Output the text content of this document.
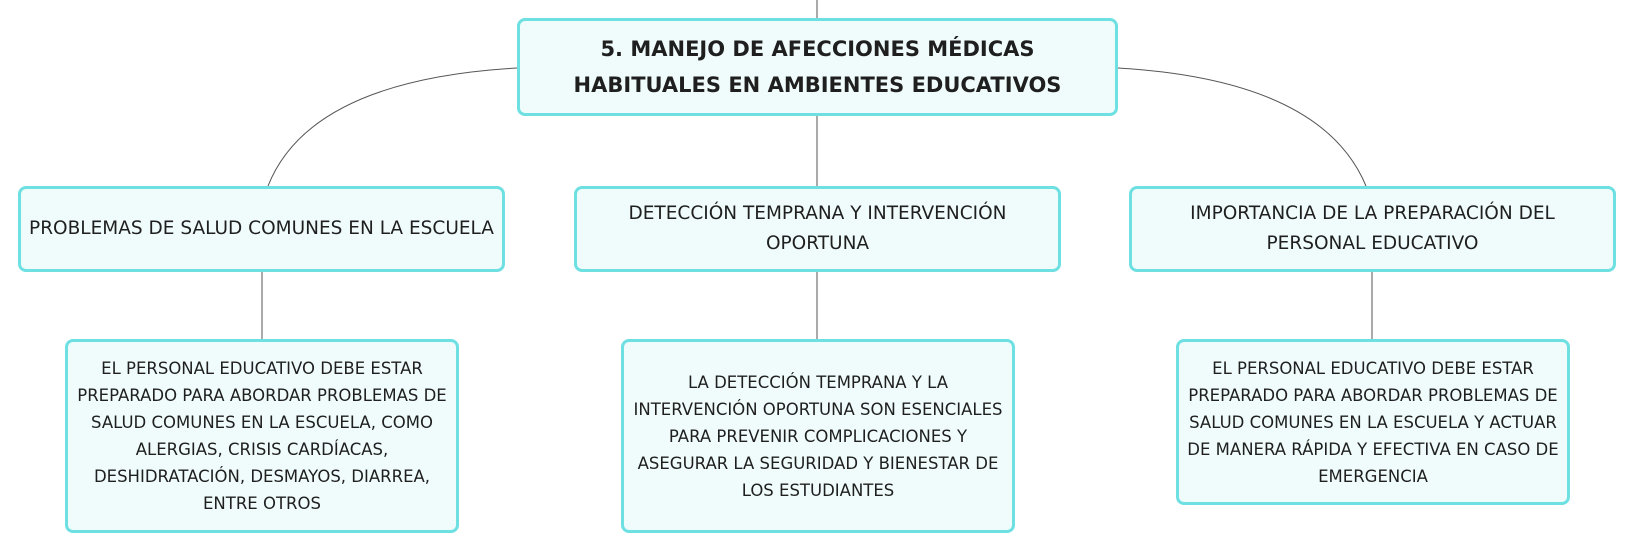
5. MANEJO DE AFECCIONES MÉDICAS HABITUALES EN AMBIENTES EDUCATIVOS
PROBLEMAS DE SALUD COMUNES EN LA ESCUELA
DETECCIÓN TEMPRANA Y INTERVENCIÓN OPORTUNA
IMPORTANCIA DE LA PREPARACIÓN DEL PERSONAL EDUCATIVO
EL PERSONAL EDUCATIVO DEBE ESTAR PREPARADO PARA ABORDAR PROBLEMAS DE SALUD COMUNES EN LA ESCUELA, COMO ALERGIAS, CRISIS CARDÍACAS, DESHIDRATACIÓN, DESMAYOS, DIARREA, ENTRE OTROS
LA DETECCIÓN TEMPRANA Y LA INTERVENCIÓN OPORTUNA SON ESENCIALES PARA PREVENIR COMPLICACIONES Y ASEGURAR LA SEGURIDAD Y BIENESTAR DE LOS ESTUDIANTES
EL PERSONAL EDUCATIVO DEBE ESTAR PREPARADO PARA ABORDAR PROBLEMAS DE SALUD COMUNES EN LA ESCUELA Y ACTUAR DE MANERA RÁPIDA Y EFECTIVA EN CASO DE EMERGENCIA
